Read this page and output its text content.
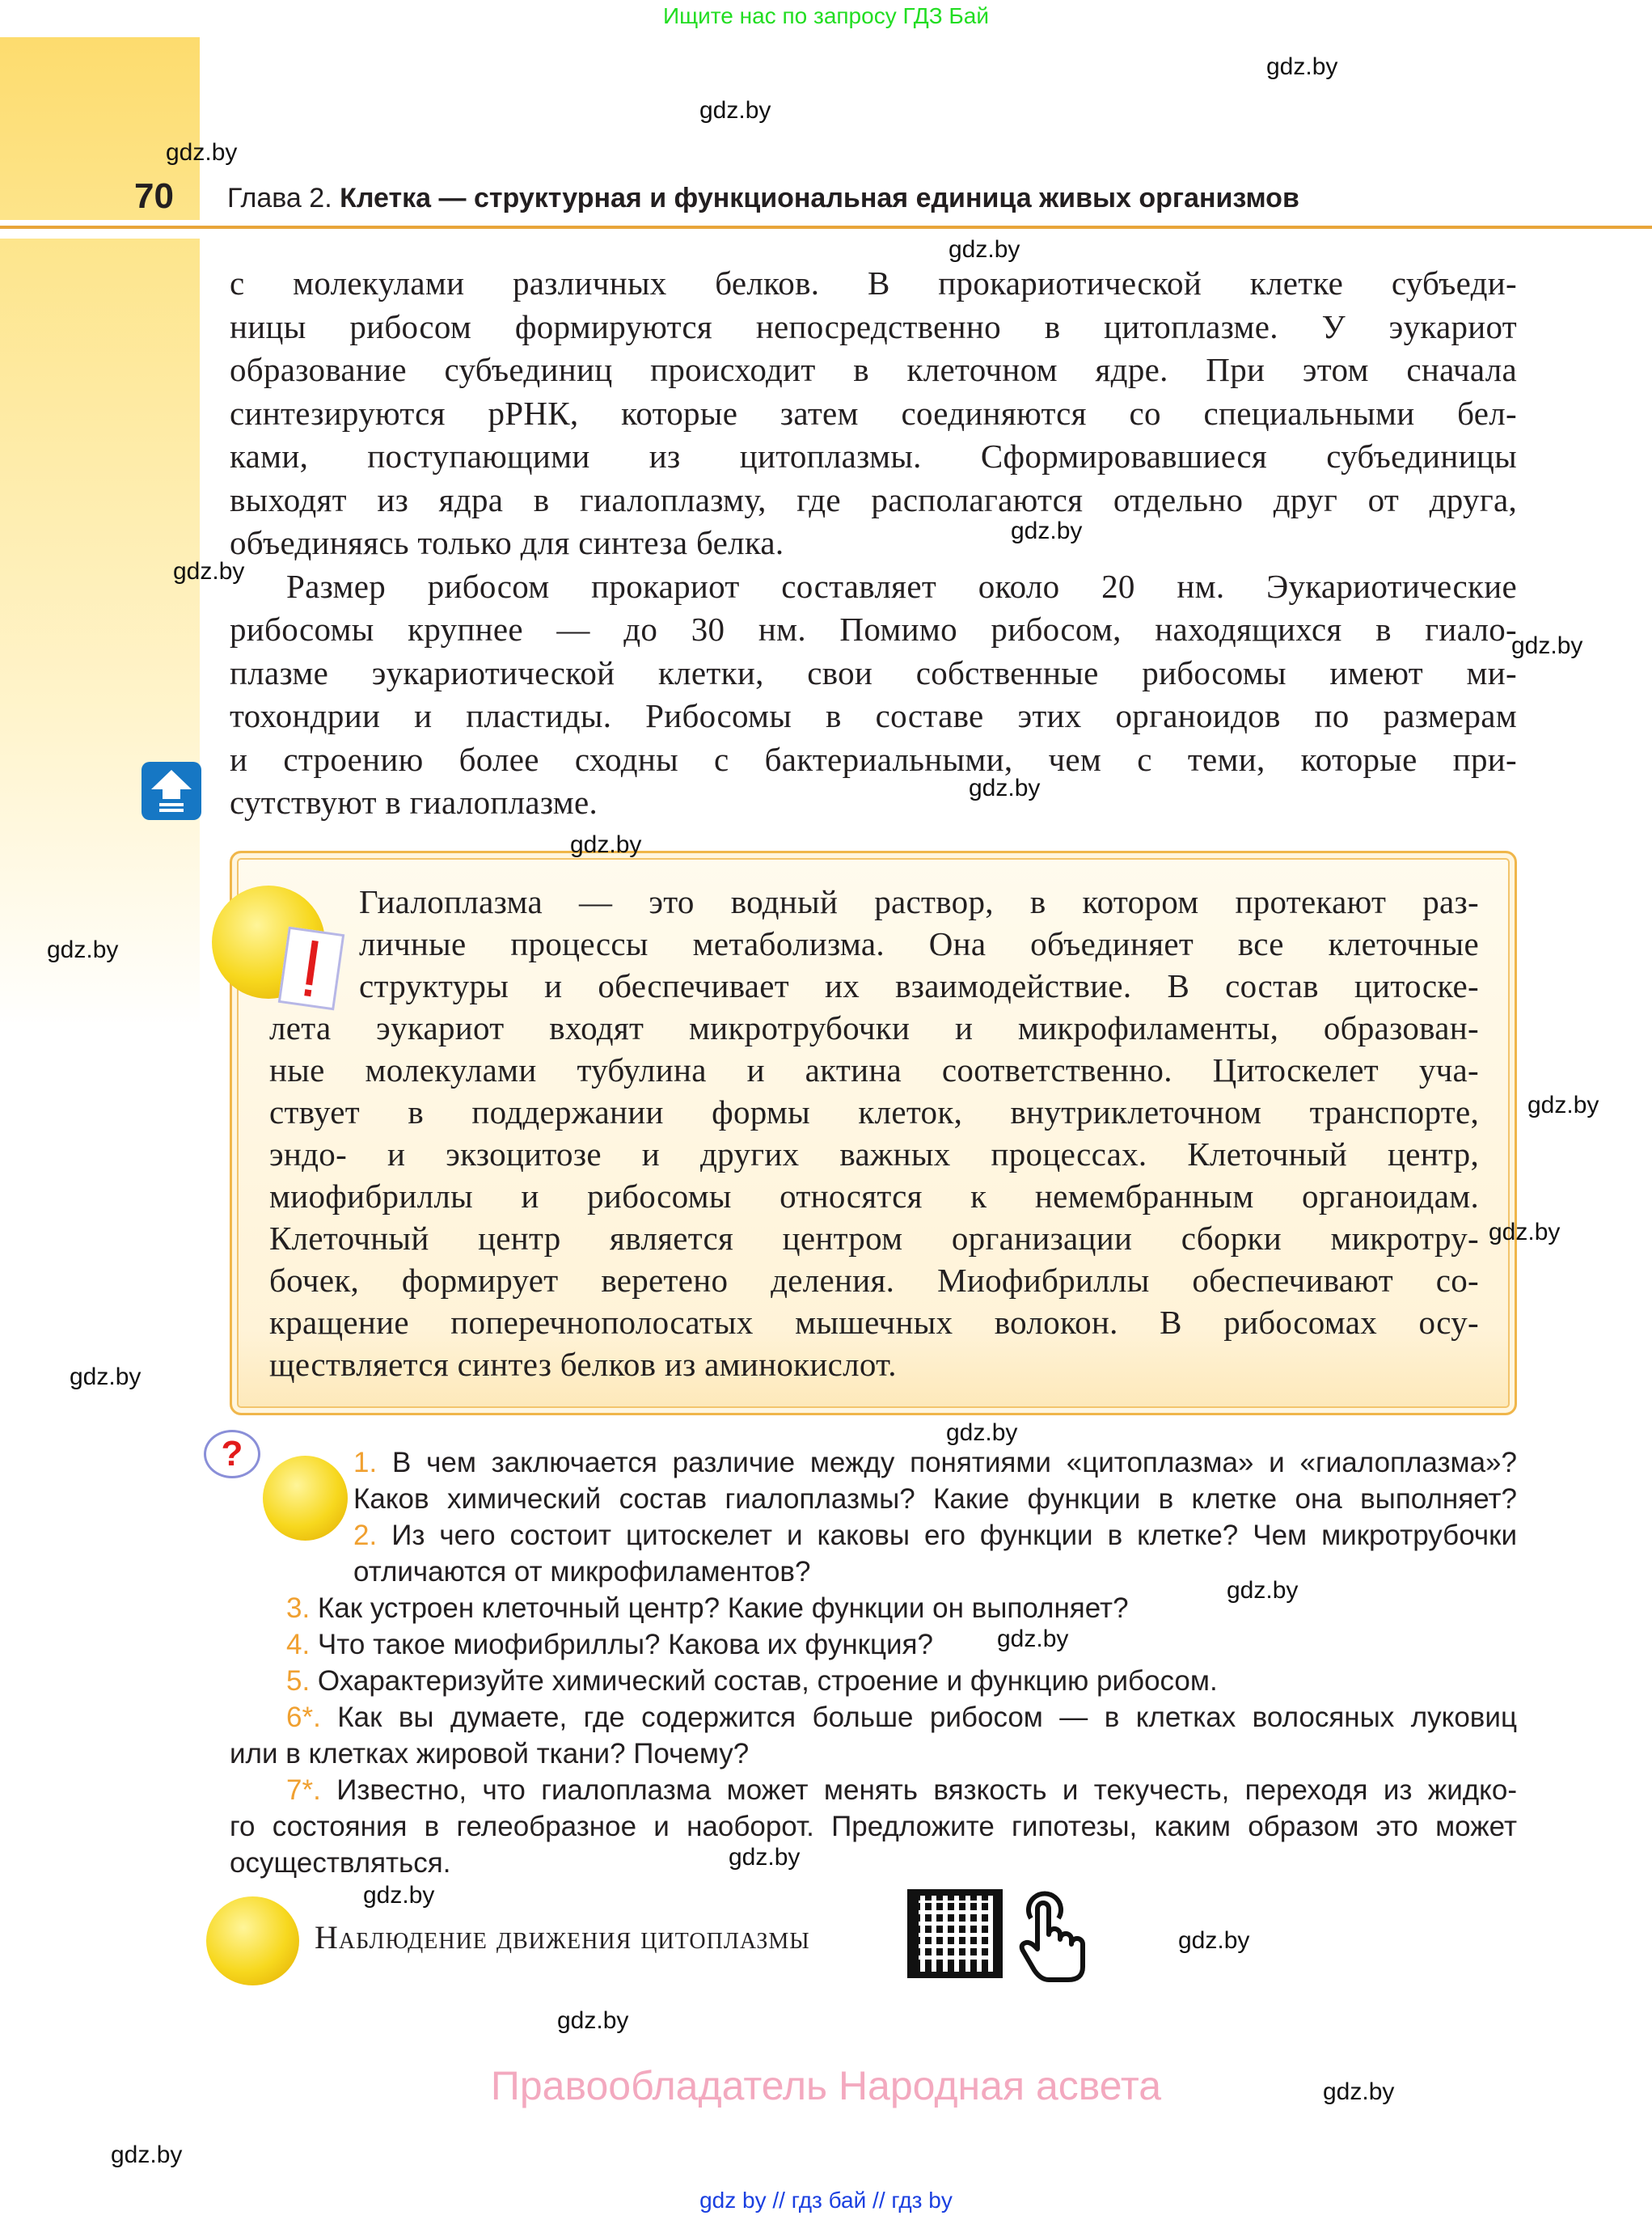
Ищите нас по запросу ГДЗ Бай
70 Глава 2. Клетка — структурная и функциональная единица живых организмов
с молекулами различных белков. В прокариотической клетке субъеди-
ницы рибосом формируются непосредственно в цитоплазме. У эукариот
образование субъединиц происходит в клеточном ядре. При этом сначала
синтезируются рРНК, которые затем соединяются со специальными бел-
ками, поступающими из цитоплазмы. Сформировавшиеся субъединицы
выходят из ядра в гиалоплазму, где располагаются отдельно друг от друга,
объединяясь только для синтеза белка.
Размер рибосом прокариот составляет около 20 нм. Эукариотические
рибосомы крупнее — до 30 нм. Помимо рибосом, находящихся в гиало-
плазме эукариотической клетки, свои собственные рибосомы имеют ми-
тохондрии и пластиды. Рибосомы в составе этих органоидов по размерам
и строению более сходны с бактериальными, чем с теми, которые при-
сутствуют в гиалоплазме.
Гиалоплазма — это водный раствор, в котором протекают раз-
личные процессы метаболизма. Она объединяет все клеточные
структуры и обеспечивает их взаимодействие. В состав цитоске-
лета эукариот входят микротрубочки и микрофиламенты, образован-
ные молекулами тубулина и актина соответственно. Цитоскелет уча-
ствует в поддержании формы клеток, внутриклеточном транспорте,
эндо- и экзоцитозе и других важных процессах. Клеточный центр,
миофибриллы и рибосомы относятся к немембранным органоидам.
Клеточный центр является центром организации сборки микротру-
бочек, формирует веретено деления. Миофибриллы обеспечивают со-
кращение поперечнополосатых мышечных волокон. В рибосомах осу-
ществляется синтез белков из аминокислот.
?	1. В чем заключается различие между понятиями «цитоплазма» и «гиалоплазма»?
Каков химический состав гиалоплазмы? Какие функции в клетке она выполняет?
2. Из чего состоит цитоскелет и каковы его функции в клетке? Чем микротрубочки
отличаются от микрофиламентов?
3. Как устроен клеточный центр? Какие функции он выполняет?
4. Что такое миофибриллы? Какова их функция?
5. Охарактеризуйте химический состав, строение и функцию рибосом.
6*. Как вы думаете, где содержится больше рибосом — в клетках волосяных луковиц
или в клетках жировой ткани? Почему?
7*. Известно, что гиалоплазма может менять вязкость и текучесть, переходя из жидко-
го состояния в гелеобразное и наоборот. Предложите гипотезы, каким образом это может
осуществляться.
Наблюдение движения цитоплазмы
Правообладатель Народная асвета
gdz by // гдз бай // гдз by
gdz.by
gdz.by
gdz.by
gdz.by
gdz.by
gdz.by
gdz.by
gdz.by
gdz.by
gdz.by
gdz.by
gdz.by
gdz.by
gdz.by
gdz.by
gdz.by
gdz.by
gdz.by
gdz.by
gdz.by
gdz.by
gdz.by
